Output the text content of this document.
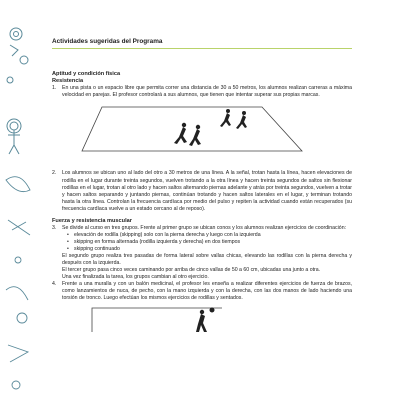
Actividades sugeridas del Programa
Aptitud y condición física
Resistencia
1.	En una pista o un espacio libre que permita correr una distancia de 30 a 50 metros, los alumnos realizan carreras a máxima velocidad en parejas. El profesor controlará a sus alumnos, que tienen que intentar superar sus propias marcas.
2.	Los alumnos se ubican uno al lado del otro a 30 metros de una línea. A la señal, trotan hasta la línea, hacen elevaciones de rodilla en el lugar durante treinta segundos, vuelven trotando a la otra línea y hacen treinta segundos de saltos sin flexionar rodillas en el lugar, trotan al otro lado y hacen saltos alternando piernas adelante y atrás por treinta segundos, vuelven a trotar y hacen saltos separando y juntando piernas, continúan trotando y hacen saltos laterales en el lugar, y terminan trotando hasta la otra línea. Controlan la frecuencia cardíaca por medio del pulso y repiten la actividad cuando están recuperados (su frecuencia cardíaca vuelve a un estado cercano al de reposo).
Fuerza y resistencia muscular
3.	Se divide al curso en tres grupos. Frente al primer grupo se ubican conos y los alumnos realizan ejercicios de coordinación:
• elevación de rodilla (skipping) solo con la pierna derecha y luego con la izquierda
• skipping en forma alternada (rodilla izquierda y derecha) en dos tiempos
• skipping continuado
El segundo grupo realiza tres pasadas de forma lateral sobre vallas chicas, elevando las rodillas con la pierna derecha y después con la izquierda.
El tercer grupo pasa cinco veces caminando por arriba de cinco vallas de 50 a 60 cm, ubicadas una junto a otra.
Una vez finalizada la tarea, los grupos cambian al otro ejercicio.
4.	Frente a una muralla y con un balón medicinal, el profesor les enseña a realizar diferentes ejercicios de fuerza de brazos, como lanzamientos de nuca, de pecho, con la mano izquierda y con la derecha, con las dos manos de lado haciendo una torsión de tronco. Luego efectúan los mismos ejercicios de rodillas y sentados.
